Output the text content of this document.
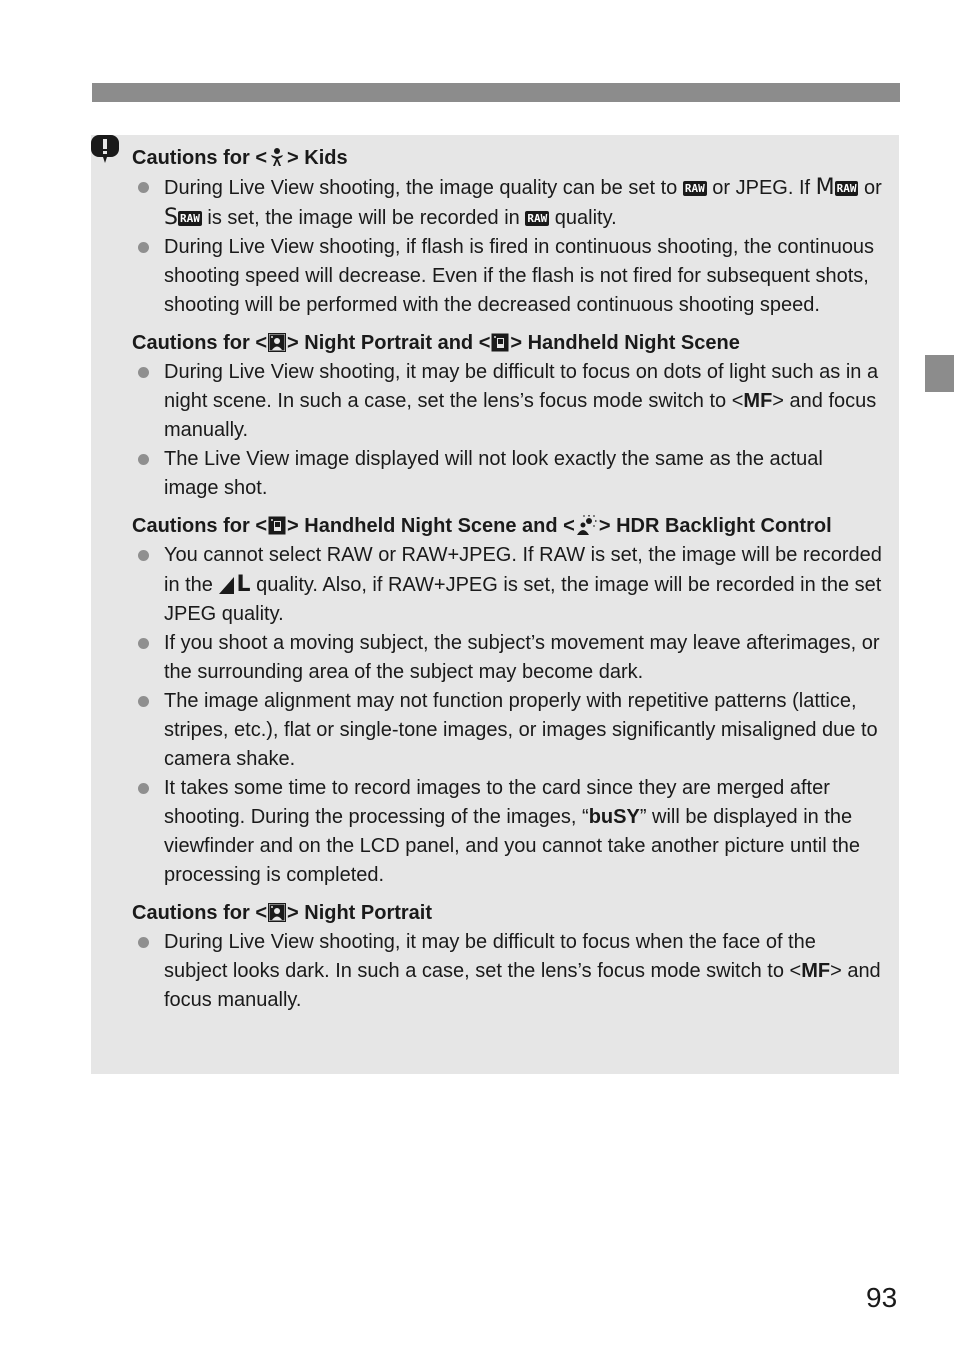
Cautions for < > Kids
During Live View shooting, the image quality can be set to RAW or JPEG. If M RAW or S RAW is set, the image will be recorded in RAW quality.
During Live View shooting, if flash is fired in continuous shooting, the continuous shooting speed will decrease. Even if the flash is not fired for subsequent shots, shooting will be performed with the decreased continuous shooting speed.
Cautions for < > Night Portrait and < > Handheld Night Scene
During Live View shooting, it may be difficult to focus on dots of light such as in a night scene. In such a case, set the lens’s focus mode switch to <MF> and focus manually.
The Live View image displayed will not look exactly the same as the actual image shot.
Cautions for < > Handheld Night Scene and < > HDR Backlight Control
You cannot select RAW or RAW+JPEG. If RAW is set, the image will be recorded in the L quality. Also, if RAW+JPEG is set, the image will be recorded in the set JPEG quality.
If you shoot a moving subject, the subject’s movement may leave afterimages, or the surrounding area of the subject may become dark.
The image alignment may not function properly with repetitive patterns (lattice, stripes, etc.), flat or single-tone images, or images significantly misaligned due to camera shake.
It takes some time to record images to the card since they are merged after shooting. During the processing of the images, “buSY” will be displayed in the viewfinder and on the LCD panel, and you cannot take another picture until the processing is completed.
Cautions for < > Night Portrait
During Live View shooting, it may be difficult to focus when the face of the subject looks dark. In such a case, set the lens’s focus mode switch to <MF> and focus manually.
93
